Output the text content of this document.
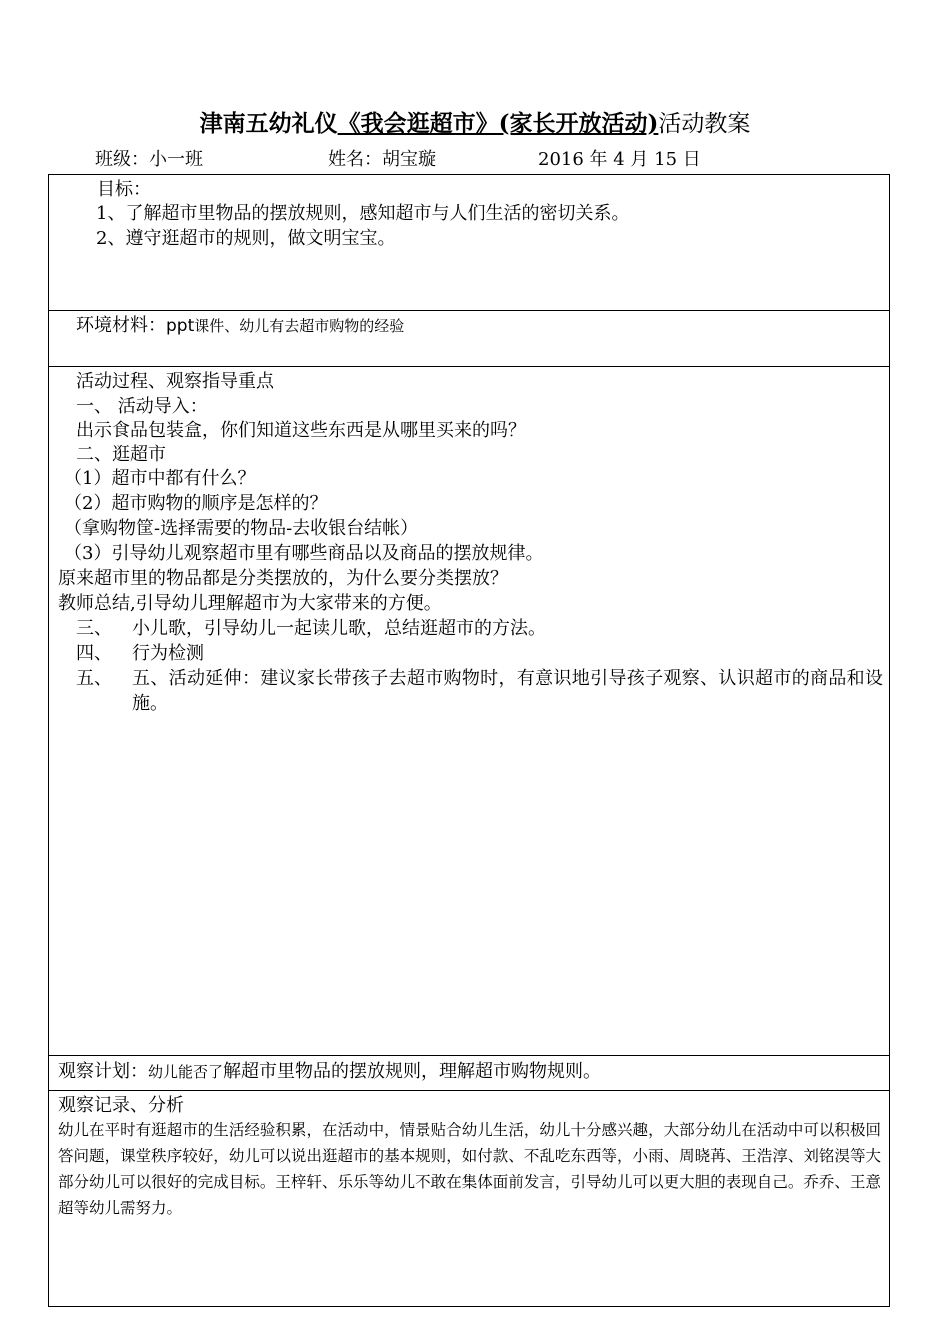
津南五幼礼仪《我会逛超市》(家长开放活动)活动教案
班级：小一班	姓名：胡宝璇	2016 年 4 月 15 日
目标：
1、了解超市里物品的摆放规则，感知超市与人们生活的密切关系。
2、遵守逛超市的规则，做文明宝宝。
环境材料：ppt课件、幼儿有去超市购物的经验
活动过程、观察指导重点
一、 活动导入：
出示食品包装盒，你们知道这些东西是从哪里买来的吗？
二、逛超市
（1）超市中都有什么？
（2）超市购物的顺序是怎样的？
（拿购物筐-选择需要的物品-去收银台结帐）
（3）引导幼儿观察超市里有哪些商品以及商品的摆放规律。
原来超市里的物品都是分类摆放的，为什么要分类摆放？
教师总结,引导幼儿理解超市为大家带来的方便。
三、 小儿歌，引导幼儿一起读儿歌，总结逛超市的方法。
四、 行为检测
五、 五、活动延伸：建议家长带孩子去超市购物时，有意识地引导孩子观察、认识超市的商品和设施。
观察计划：幼儿能否了解超市里物品的摆放规则，理解超市购物规则。
观察记录、分析
幼儿在平时有逛超市的生活经验积累，在活动中，情景贴合幼儿生活，幼儿十分感兴趣，大部分幼儿在活动中可以积极回答问题，课堂秩序较好，幼儿可以说出逛超市的基本规则，如付款、不乱吃东西等，小雨、周晓苒、王浩淳、刘铭淏等大部分幼儿可以很好的完成目标。王梓轩、乐乐等幼儿不敢在集体面前发言，引导幼儿可以更大胆的表现自己。乔乔、王意超等幼儿需努力。
